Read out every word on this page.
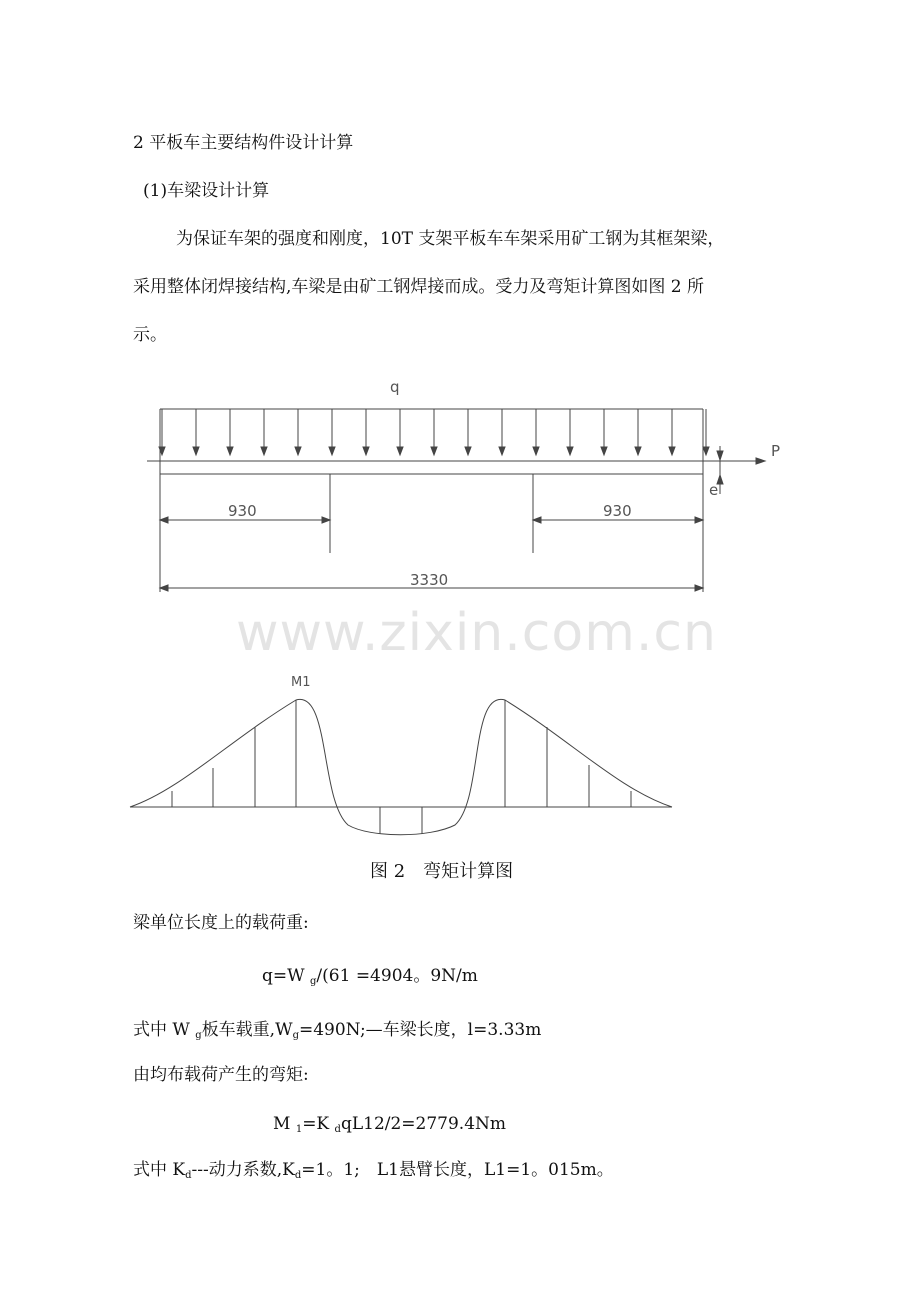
2 平板车主要结构件设计计算
(1)车梁设计计算
为保证车架的强度和刚度，10T 支架平板车车架采用矿工钢为其框架梁，
采用整体闭焊接结构,车梁是由矿工钢焊接而成。受力及弯矩计算图如图 2 所
示。
www.zixin.com.cn
q
P
e
930	930
3330
M1
图 2　弯矩计算图
梁单位长度上的载荷重:
q=W $_g$/(61 =4904。9N/m
式中 W $_g$板车载重$,W_g=490N;—$车梁长度，l=3.33m
由均布载荷产生的弯矩:
M $_1$=K $_d$qL12/2=2779.4Nm
式中 $K_d---$动力系数$,K_d=1$。1;　L1悬臂长度，L1=1。015m。
